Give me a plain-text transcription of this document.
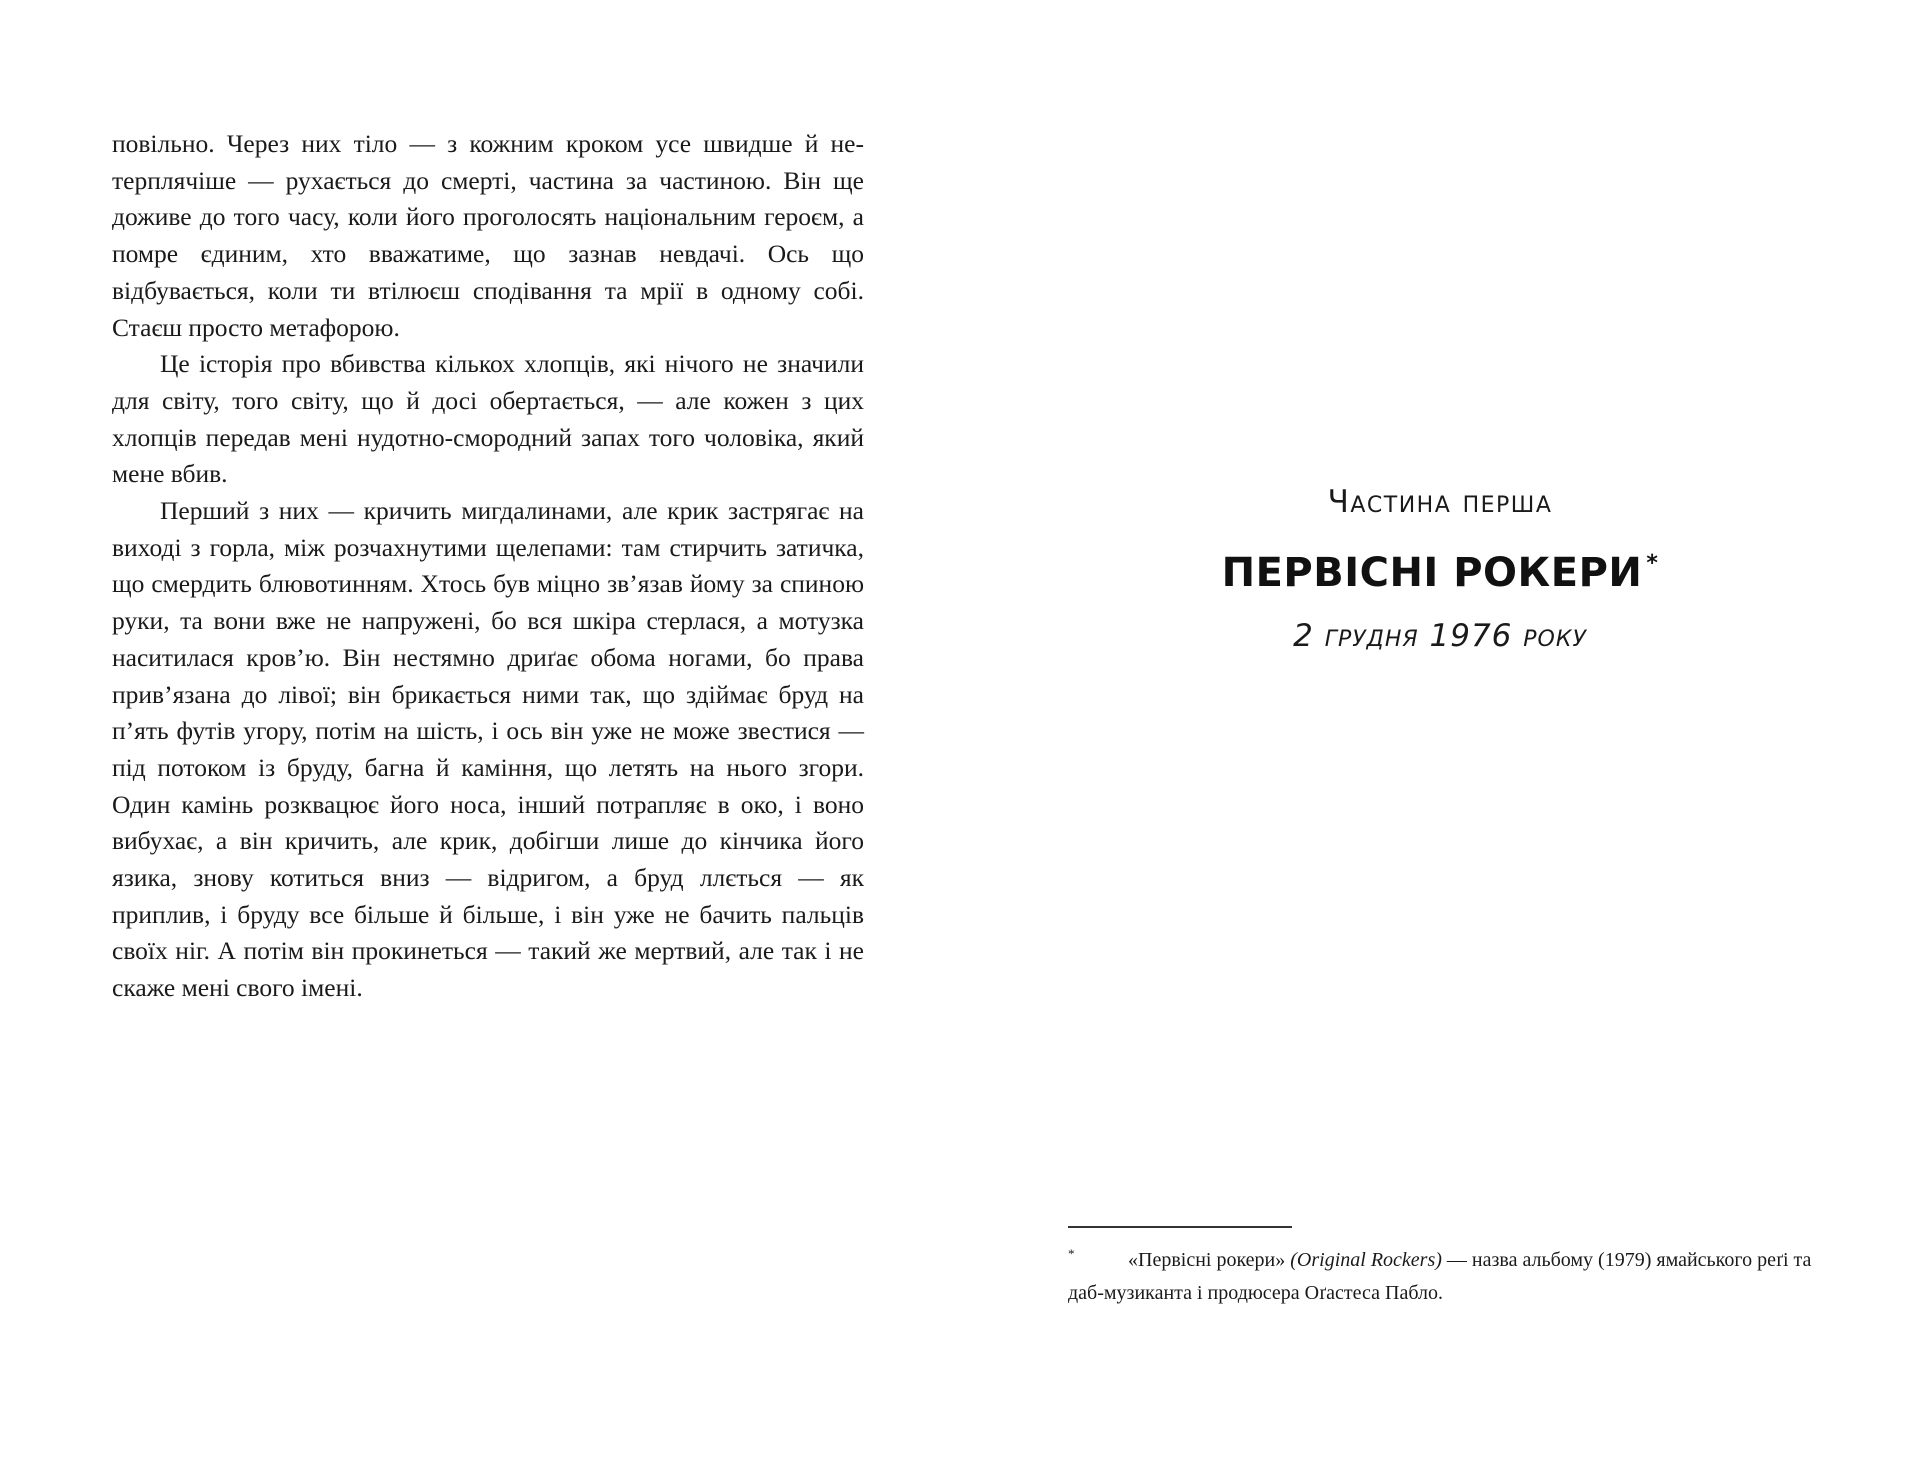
повільно. Через них тіло — з кожним кроком усе швидше й нетерплячіше — рухається до смерті, частина за частиною. Він ще доживе до того часу, коли його проголосять національним героєм, а помре єдиним, хто вважатиме, що зазнав невдачі. Ось що відбувається, коли ти втілюєш сподівання та мрії в одному собі. Стаєш просто метафорою.

Це історія про вбивства кількох хлопців, які нічого не значили для світу, того світу, що й досі обертається, — але кожен з цих хлопців передав мені нудотно-смородний запах того чоловіка, який мене вбив.

Перший з них — кричить мигдалинами, але крик застрягає на виході з горла, між розчахнутими щелепами: там стирчить затичка, що смердить блювотинням. Хтось був міцно зв’язав йому за спиною руки, та вони вже не напружені, бо вся шкіра стерлася, а мотузка наситилася кров’ю. Він нестямно дриґає обома ногами, бо права прив’язана до лівої; він брикається ними так, що здіймає бруд на п’ять футів угору, потім на шість, і ось він уже не може звестися — під потоком із бруду, багна й каміння, що летять на нього згори. Один камінь розквацює його носа, інший потрапляє в око, і воно вибухає, а він кричить, але крик, добігши лише до кінчика його язика, знову котиться вниз — відригом, а бруд ллється — як приплив, і бруду все більше й більше, і він уже не бачить пальців своїх ніг. А потім він прокинеться — такий же мертвий, але так і не скаже мені свого імені.

Частина перша
ПЕРВІСНІ РОКЕРИ *
2 грудня 1976 року
*	«Первісні рокери» (Original Rockers) — назва альбому (1979) ямайського реґі та даб-музиканта і продюсера Оґастеса Пабло.
